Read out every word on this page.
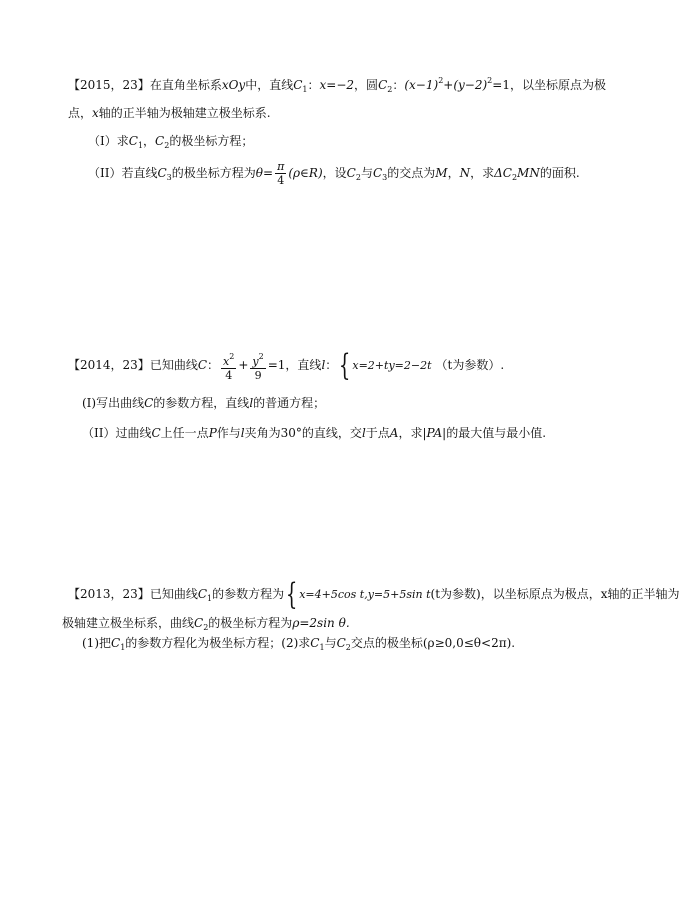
【2015，23】在直角坐标系xOy中，直线$C_1$：x=−2，圆$C_2$：$(x-1)^2+(y-2)^2=1$，以坐标原点为极
点，x轴的正半轴为极轴建立极坐标系.
（I）求$C_1$，$C_2$的极坐标方程；
（II）若直线$C_3$的极坐标方程为$\theta= \frac{\pi}{4}$ (ρ∈R)，设$C_2$与$C_3$的交点为M，N，求$\Delta C_2MN$的面积.
【2014，23】已知曲线C： $\frac{x^2}{4} + \frac{y^2}{9} =1$，直线l：{ x=2+ty=2−2t （t为参数）.
(I)写出曲线C的参数方程，直线l的普通方程；
（II）过曲线C上任一点P作与l夹角为30°的直线，交l于点A，求|PA|的最大值与最小值.
【2013，23】已知曲线$C_1$的参数方程为{ x=4+5cos t,y=5+5sin t(t为参数)，以坐标原点为极点，x轴的正半轴为
极轴建立极坐标系，曲线$C_2$的极坐标方程为ρ=2sin θ.
(1)把$C_1$的参数方程化为极坐标方程；(2)求$C_1$与$C_2$交点的极坐标(ρ≥0,0≤θ<2π).
